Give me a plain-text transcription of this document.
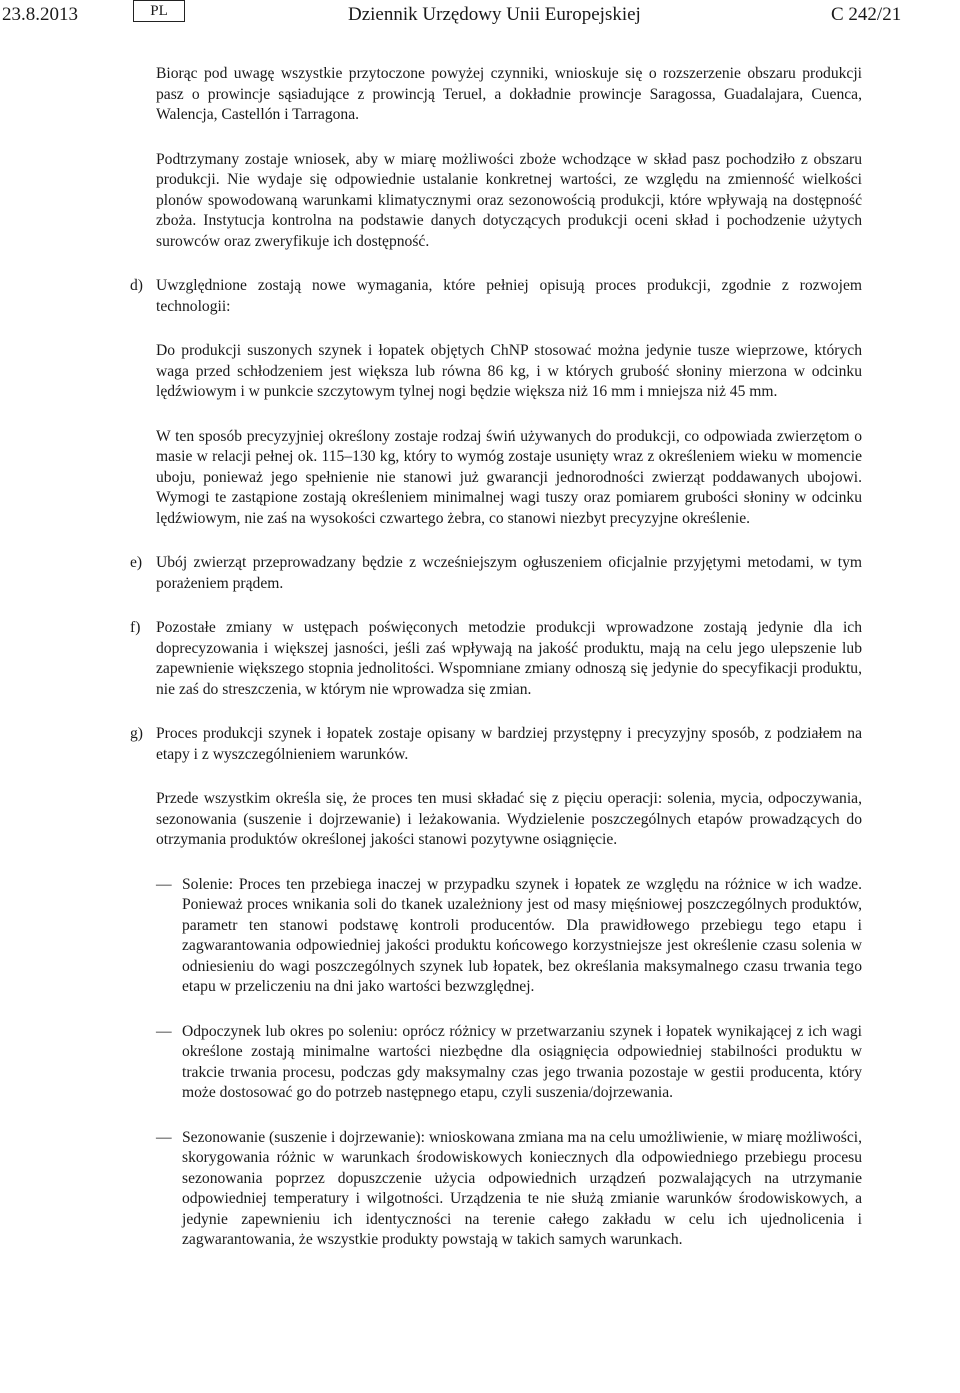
23.8.2013	PL	Dziennik Urzędowy Unii Europejskiej	C 242/21

Biorąc pod uwagę wszystkie przytoczone powyżej czynniki, wnioskuje się o rozszerzenie obszaru produkcji pasz o prowincje sąsiadujące z prowincją Teruel, a dokładnie prowincje Saragossa, Guadalajara, Cuenca, Walencja, Castellón i Tarragona.

Podtrzymany zostaje wniosek, aby w miarę możliwości zboże wchodzące w skład pasz pochodziło z obszaru produkcji. Nie wydaje się odpowiednie ustalanie konkretnej wartości, ze względu na zmienność wielkości plonów spowodowaną warunkami klimatycznymi oraz sezonowością produkcji, które wpływają na dostępność zboża. Instytucja kontrolna na podstawie danych dotyczących produkcji oceni skład i pochodzenie użytych surowców oraz zweryfikuje ich dostępność.

d) Uwzględnione zostają nowe wymagania, które pełniej opisują proces produkcji, zgodnie z rozwojem technologii:

Do produkcji suszonych szynek i łopatek objętych ChNP stosować można jedynie tusze wieprzowe, których waga przed schłodzeniem jest większa lub równa 86 kg, i w których grubość słoniny mierzona w odcinku lędźwiowym i w punkcie szczytowym tylnej nogi będzie większa niż 16 mm i mniejsza niż 45 mm.

W ten sposób precyzyjniej określony zostaje rodzaj świń używanych do produkcji, co odpowiada zwierzętom o masie w relacji pełnej ok. 115–130 kg, który to wymóg zostaje usunięty wraz z określeniem wieku w momencie uboju, ponieważ jego spełnienie nie stanowi już gwarancji jednorodności zwierząt poddawanych ubojowi. Wymogi te zastąpione zostają określeniem minimalnej wagi tuszy oraz pomiarem grubości słoniny w odcinku lędźwiowym, nie zaś na wysokości czwartego żebra, co stanowi niezbyt precyzyjne określenie.

e) Ubój zwierząt przeprowadzany będzie z wcześniejszym ogłuszeniem oficjalnie przyjętymi metodami, w tym porażeniem prądem.

f) Pozostałe zmiany w ustępach poświęconych metodzie produkcji wprowadzone zostają jedynie dla ich doprecyzowania i większej jasności, jeśli zaś wpływają na jakość produktu, mają na celu jego ulepszenie lub zapewnienie większego stopnia jednolitości. Wspomniane zmiany odnoszą się jedynie do specyfikacji produktu, nie zaś do streszczenia, w którym nie wprowadza się zmian.

g) Proces produkcji szynek i łopatek zostaje opisany w bardziej przystępny i precyzyjny sposób, z podziałem na etapy i z wyszczególnieniem warunków.

Przede wszystkim określa się, że proces ten musi składać się z pięciu operacji: solenia, mycia, odpoczywania, sezonowania (suszenie i dojrzewanie) i leżakowania. Wydzielenie poszczególnych etapów prowadzących do otrzymania produktów określonej jakości stanowi pozytywne osiągnięcie.

— Solenie: Proces ten przebiega inaczej w przypadku szynek i łopatek ze względu na różnice w ich wadze. Ponieważ proces wnikania soli do tkanek uzależniony jest od masy mięśniowej poszczególnych produktów, parametr ten stanowi podstawę kontroli producentów. Dla prawidłowego przebiegu tego etapu i zagwarantowania odpowiedniej jakości produktu końcowego korzystniejsze jest określenie czasu solenia w odniesieniu do wagi poszczególnych szynek lub łopatek, bez określania maksymalnego czasu trwania tego etapu w przeliczeniu na dni jako wartości bezwzględnej.

— Odpoczynek lub okres po soleniu: oprócz różnicy w przetwarzaniu szynek i łopatek wynikającej z ich wagi określone zostają minimalne wartości niezbędne dla osiągnięcia odpowiedniej stabilności produktu w trakcie trwania procesu, podczas gdy maksymalny czas jego trwania pozostaje w gestii producenta, który może dostosować go do potrzeb następnego etapu, czyli suszenia/dojrzewania.

— Sezonowanie (suszenie i dojrzewanie): wnioskowana zmiana ma na celu umożliwienie, w miarę możliwości, skorygowania różnic w warunkach środowiskowych koniecznych dla odpowiedniego przebiegu procesu sezonowania poprzez dopuszczenie użycia odpowiednich urządzeń pozwalających na utrzymanie odpowiedniej temperatury i wilgotności. Urządzenia te nie służą zmianie warunków środowiskowych, a jedynie zapewnieniu ich identyczności na terenie całego zakładu w celu ich ujednolicenia i zagwarantowania, że wszystkie produkty powstają w takich samych warunkach.
